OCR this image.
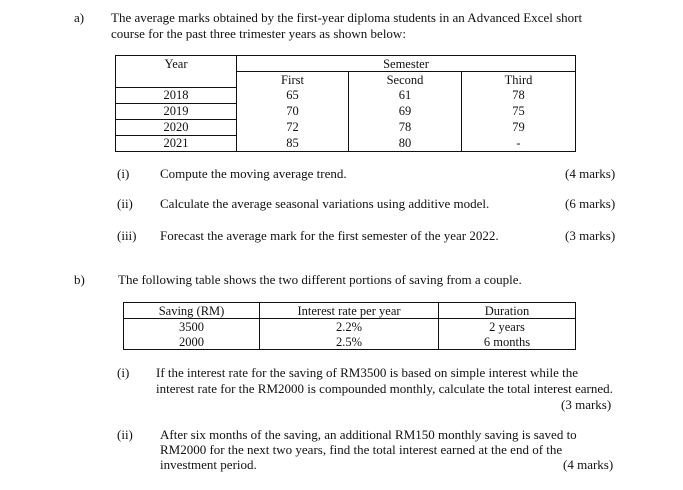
a) The average marks obtained by the first-year diploma students in an Advanced Excel short
course for the past three trimester years as shown below:
Year	Semester		
	First	Second	Third
2018	65	61	78
2019	70	69	75
2020	72	78	79
2021	85	80	-
(i) Compute the moving average trend.	(4 marks)
(ii) Calculate the average seasonal variations using additive model.	(6 marks)
(iii) Forecast the average mark for the first semester of the year 2022.	(3 marks)
b)	The following table shows the two different portions of saving from a couple.
Saving (RM)	Interest rate per year	Duration
3500	2.2%	2 years
2000	2.5%	6 months
(i) If the interest rate for the saving of RM3500 is based on simple interest while the
interest rate for the RM2000 is compounded monthly, calculate the total interest earned.
(3 marks)
(ii) After six months of the saving, an additional RM150 monthly saving is saved to
RM2000 for the next two years, find the total interest earned at the end of the
investment period.	(4 marks)
